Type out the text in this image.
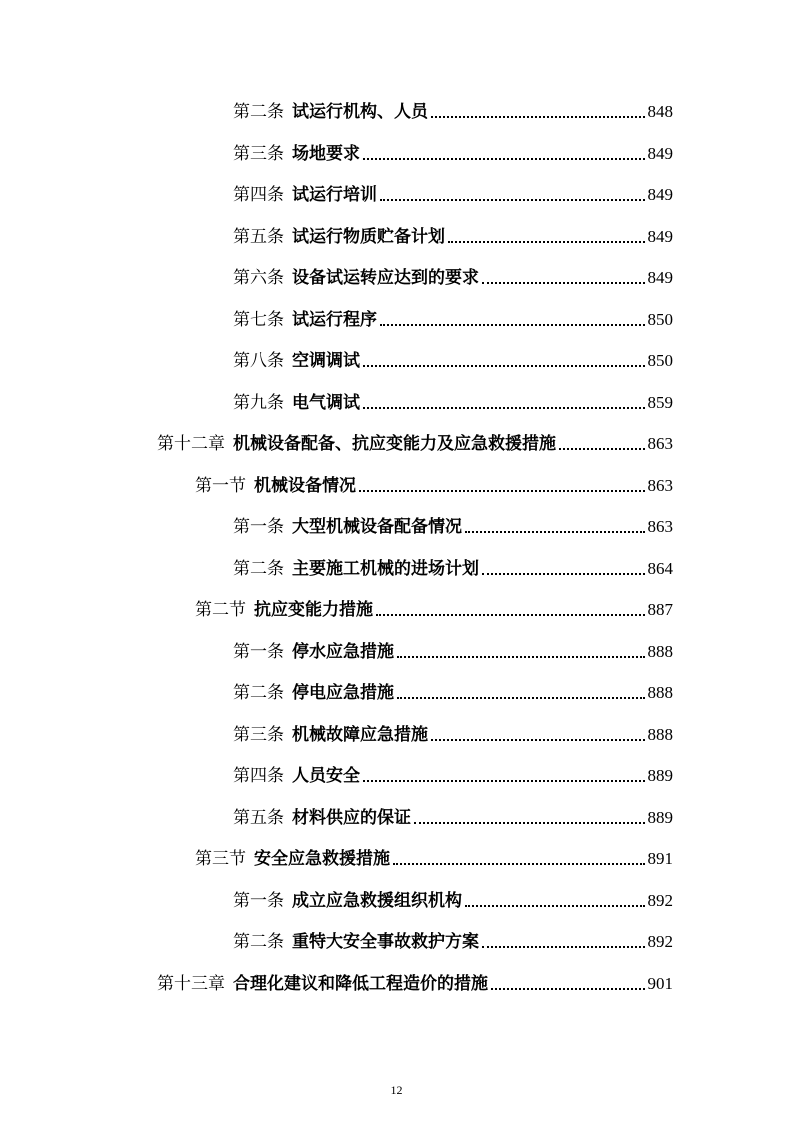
第二条 试运行机构、人员	848
第三条 场地要求	849
第四条 试运行培训	849
第五条 试运行物质贮备计划	849
第六条 设备试运转应达到的要求	849
第七条 试运行程序	850
第八条 空调调试	850
第九条 电气调试	859
第十二章 机械设备配备、抗应变能力及应急救援措施	863
第一节 机械设备情况	863
第一条 大型机械设备配备情况	863
第二条 主要施工机械的进场计划	864
第二节 抗应变能力措施	887
第一条 停水应急措施	888
第二条 停电应急措施	888
第三条 机械故障应急措施	888
第四条 人员安全	889
第五条 材料供应的保证	889
第三节 安全应急救援措施	891
第一条 成立应急救援组织机构	892
第二条 重特大安全事故救护方案	892
第十三章 合理化建议和降低工程造价的措施	901
12
